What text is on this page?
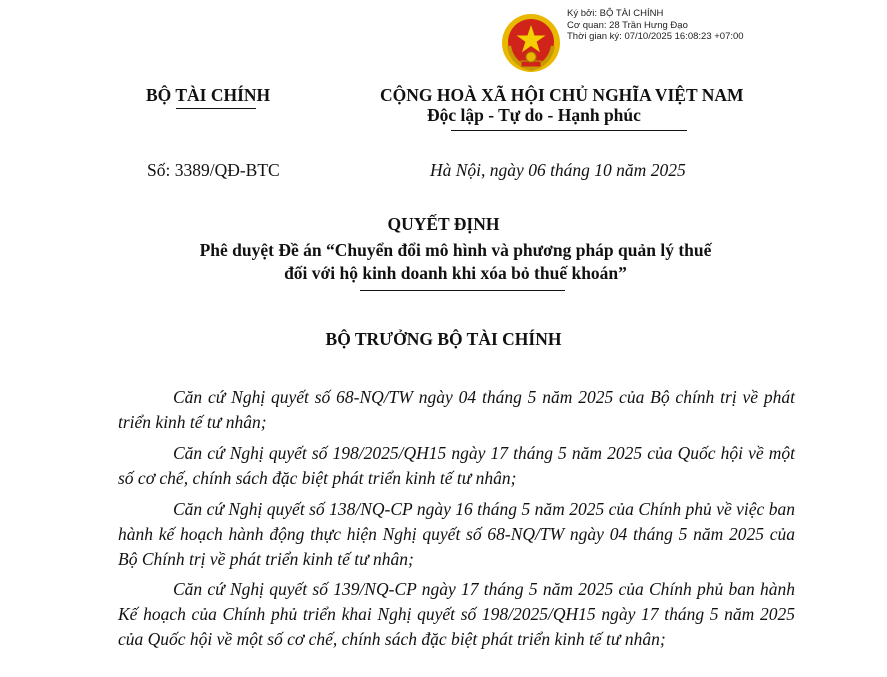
Ký bởi: BỘ TÀI CHÍNH
Cơ quan: 28 Trần Hưng Đạo
Thời gian ký: 07/10/2025 16:08:23 +07:00
BỘ TÀI CHÍNH	CỘNG HOÀ XÃ HỘI CHỦ NGHĨA VIỆT NAM
Độc lập - Tự do - Hạnh phúc
Số: 3389/QĐ-BTC	Hà Nội, ngày 06 tháng 10 năm 2025
QUYẾT ĐỊNH
Phê duyệt Đề án “Chuyển đổi mô hình và phương pháp quản lý thuế
đối với hộ kinh doanh khi xóa bỏ thuế khoán”
BỘ TRƯỞNG BỘ TÀI CHÍNH
Căn cứ Nghị quyết số 68-NQ/TW ngày 04 tháng 5 năm 2025 của Bộ chính trị về phát triển kinh tế tư nhân;
Căn cứ Nghị quyết số 198/2025/QH15 ngày 17 tháng 5 năm 2025 của Quốc hội về một số cơ chế, chính sách đặc biệt phát triển kinh tế tư nhân;
Căn cứ Nghị quyết số 138/NQ-CP ngày 16 tháng 5 năm 2025 của Chính phủ về việc ban hành kế hoạch hành động thực hiện Nghị quyết số 68-NQ/TW ngày 04 tháng 5 năm 2025 của Bộ Chính trị về phát triển kinh tế tư nhân;
Căn cứ Nghị quyết số 139/NQ-CP ngày 17 tháng 5 năm 2025 của Chính phủ ban hành Kế hoạch của Chính phủ triển khai Nghị quyết số 198/2025/QH15 ngày 17 tháng 5 năm 2025 của Quốc hội về một số cơ chế, chính sách đặc biệt phát triển kinh tế tư nhân;
